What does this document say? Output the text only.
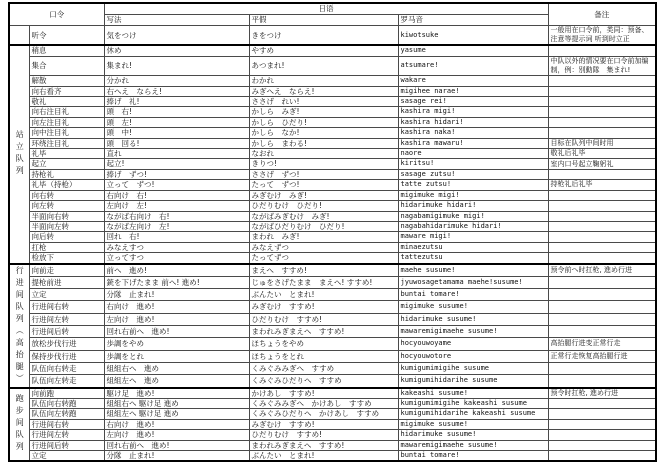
口令		日语			备注
		写法	平假	罗马音	
	听令	気をつけ	きをつけ	kiwotsuke	一般用在口令前，类同：预备、注意等提示词 听到时立正
站立队列	稍息	休め	やすめ	yasume	
	集合	集まれ!	あつまれ!	atsumare!	中队以外的情况要在口令前加编制，例：別動隊　集まれ!
	解散	分かれ	わかれ	wakare	
	向右看齐	右へえ　ならえ!	みぎへえ　ならえ!	migihee narae!	
	敬礼	捧げ　礼!	ささげ　れい!	sasage rei!	
	向右注目礼	頭　右!	かしら　みぎ!	kashira migi!	
	向左注目礼	頭　左!	かしら　ひだり!	kashira hidari!	
	向中注目礼	頭　中!	かしら　なか!	kashira naka!	
	环绕注目礼	頭　回る!	かしら　まわる!	kashira mawaru!	目标在队列中间时用
	礼毕	直れ	なおれ	naore	敬礼后礼毕
	起立	起立!	きりつ!	kiritsu!	室内口号起立鞠躬礼
	持枪礼	捧げ　ずつ!	ささげ　ずつ!	sasage zutsu!	
	礼毕（持枪）	立って　ずつ!	たって　ずつ!	tatte zutsu!	持枪礼后礼毕
	向右转	右向け　右!	みぎむけ　みぎ!	migimuke migi!	
	向左转	左向け　左!	ひだりむけ　ひだり!	hidarimuke hidari!	
	半面向右转	ながば右向け　右!	ながばみぎむけ　みぎ!	nagabamigimuke migi!	
	半面向左转	ながば左向け　左!	ながばひだりむけ　ひだり!	nagabahidarimuke hidari!	
	向后转	回れ　右!	まわれ　みぎ!	maware migi!	
	扛枪	みなえすつ	みなえずつ	minaezutsu	
	检放下	立ってすつ	たってずつ	tattezutsu	
行进间队列（高抬腿）	向前走	前へ　進め!	まえへ　すすめ!	maehe susume!	预令前へ时扛枪, 進め行进
	提枪前进	銃を下げたまま 前へ! 進め!	じゅをさげたまま　まえへ! すすめ!	jyuwosagetamama maehe!susume!	
	立定	分隊　止まれ!	ぶんたい　とまれ!	buntai tomare!	
	行进间右转	右向け　進め!	みぎむけ　すすめ!	migimuke susume!	
	行进间左转	左向け　進め!	ひだりむけ　すすめ!	hidarimuke susume!	
	行进间后转	回れ右前へ　進め!	まわれみぎまえへ　すすめ!	mawaremigimaehe susume!	
	放松步伐行进	歩調をやめ	ほちょうをやめ	hocyouwoyame	高抬腿行进变正常行走
	保持步伐行进	歩調をとれ	ほちょうをとれ	hocyouwotore	正常行走恢复高抬腿行进
	队伍向右转走	組組右へ　進め	くみぐみみぎへ　すすめ	kumigumimigihe susume	
	队伍向左转走	組組左へ　進め	くみぐみひだりへ　すすめ	kumigumihidarihe susume	
跑步间队列	向前跑	駆け足　進め!	かけあし　すすめ!	kakeashi susume!	预令时扛枪, 進め行进
	队伍向右转跑	組組右へ 駆け足 進め	くみぐみみぎへ　かけあし　すすめ	kumigumimigihe kakeashi susume	
	队伍向左转跑	組組左へ 駆け足 進め	くみぐみひだりへ　かけあし　すすめ	kumigumihidarihe kakeashi susume	
	行进间右转	右向け　進め!	みぎむけ　すすめ!	migimuke susume!	
	行进间左转	左向け　進め!	ひだりむけ　すすめ!	hidarimuke susume!	
	行进间后转	回れ右前へ　進め!	まわれみぎまえへ　すすめ!	mawaremigimaehe susume!	
	立定	分隊　止まれ!	ぶんたい　とまれ!	buntai tomare!	
